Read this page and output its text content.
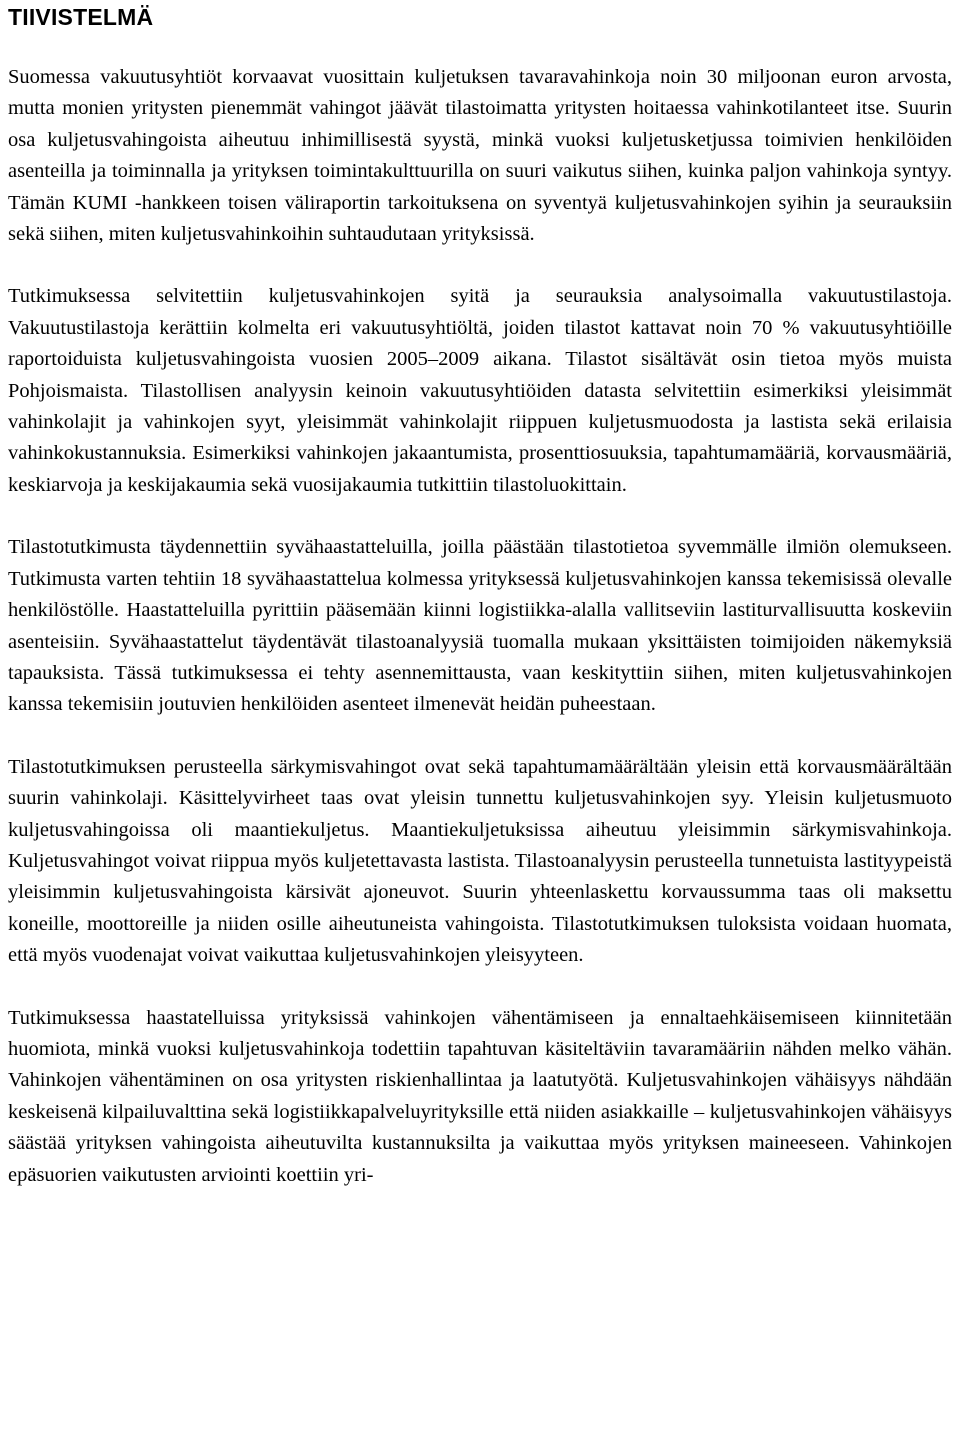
TIIVISTELMÄ

Suomessa vakuutusyhtiöt korvaavat vuosittain kuljetuksen tavaravahinkoja noin 30 miljoonan euron arvosta, mutta monien yritysten pienemmät vahingot jäävät tilastoimatta yritysten hoitaessa vahinkotilanteet itse. Suurin osa kuljetusvahingoista aiheutuu inhimillisestä syystä, minkä vuoksi kuljetusketjussa toimivien henkilöiden asenteilla ja toiminnalla ja yrityksen toimintakulttuurilla on suuri vaikutus siihen, kuinka paljon vahinkoja syntyy. Tämän KUMI -hankkeen toisen väliraportin tarkoituksena on syventyä kuljetusvahinkojen syihin ja seurauksiin sekä siihen, miten kuljetusvahinkoihin suhtaudutaan yrityksissä.

Tutkimuksessa selvitettiin kuljetusvahinkojen syitä ja seurauksia analysoimalla vakuutustilastoja. Vakuutustilastoja kerättiin kolmelta eri vakuutusyhtiöltä, joiden tilastot kattavat noin 70 % vakuutusyhtiöille raportoiduista kuljetusvahingoista vuosien 2005–2009 aikana. Tilastot sisältävät osin tietoa myös muista Pohjoismaista. Tilastollisen analyysin keinoin vakuutusyhtiöiden datasta selvitettiin esimerkiksi yleisimmät vahinkolajit ja vahinkojen syyt, yleisimmät vahinkolajit riippuen kuljetusmuodosta ja lastista sekä erilaisia vahinkokustannuksia. Esimerkiksi vahinkojen jakaantumista, prosenttiosuuksia, tapahtumamääriä, korvausmääriä, keskiarvoja ja keskijakaumia sekä vuosijakaumia tutkittiin tilastoluokittain.

Tilastotutkimusta täydennettiin syvähaastatteluilla, joilla päästään tilastotietoa syvemmälle ilmiön olemukseen. Tutkimusta varten tehtiin 18 syvähaastattelua kolmessa yrityksessä kuljetusvahinkojen kanssa tekemisissä olevalle henkilöstölle. Haastatteluilla pyrittiin pääsemään kiinni logistiikka-alalla vallitseviin lastiturvallisuutta koskeviin asenteisiin. Syvähaastattelut täydentävät tilastoanalyysiä tuomalla mukaan yksittäisten toimijoiden näkemyksiä tapauksista. Tässä tutkimuksessa ei tehty asennemittausta, vaan keskityttiin siihen, miten kuljetusvahinkojen kanssa tekemisiin joutuvien henkilöiden asenteet ilmenevät heidän puheestaan.

Tilastotutkimuksen perusteella särkymisvahingot ovat sekä tapahtumamäärältään yleisin että korvausmäärältään suurin vahinkolaji. Käsittelyvirheet taas ovat yleisin tunnettu kuljetusvahinkojen syy. Yleisin kuljetusmuoto kuljetusvahingoissa oli maantiekuljetus. Maantiekuljetuksissa aiheutuu yleisimmin särkymisvahinkoja. Kuljetusvahingot voivat riippua myös kuljetettavasta lastista. Tilastoanalyysin perusteella tunnetuista lastityypeistä yleisimmin kuljetusvahingoista kärsivät ajoneuvot. Suurin yhteenlaskettu korvaussumma taas oli maksettu koneille, moottoreille ja niiden osille aiheutuneista vahingoista. Tilastotutkimuksen tuloksista voidaan huomata, että myös vuodenajat voivat vaikuttaa kuljetusvahinkojen yleisyyteen.

Tutkimuksessa haastatelluissa yrityksissä vahinkojen vähentämiseen ja ennaltaehkäisemiseen kiinnitetään huomiota, minkä vuoksi kuljetusvahinkoja todettiin tapahtuvan käsiteltäviin tavaramääriin nähden melko vähän. Vahinkojen vähentäminen on osa yritysten riskienhallintaa ja laatutyötä. Kuljetusvahinkojen vähäisyys nähdään keskeisenä kilpailuvalttina sekä logistiikkapalveluyrityksille että niiden asiakkaille – kuljetusvahinkojen vähäisyys säästää yrityksen vahingoista aiheutuvilta kustannuksilta ja vaikuttaa myös yrityksen maineeseen. Vahinkojen epäsuorien vaikutusten arviointi koettiin yri-
